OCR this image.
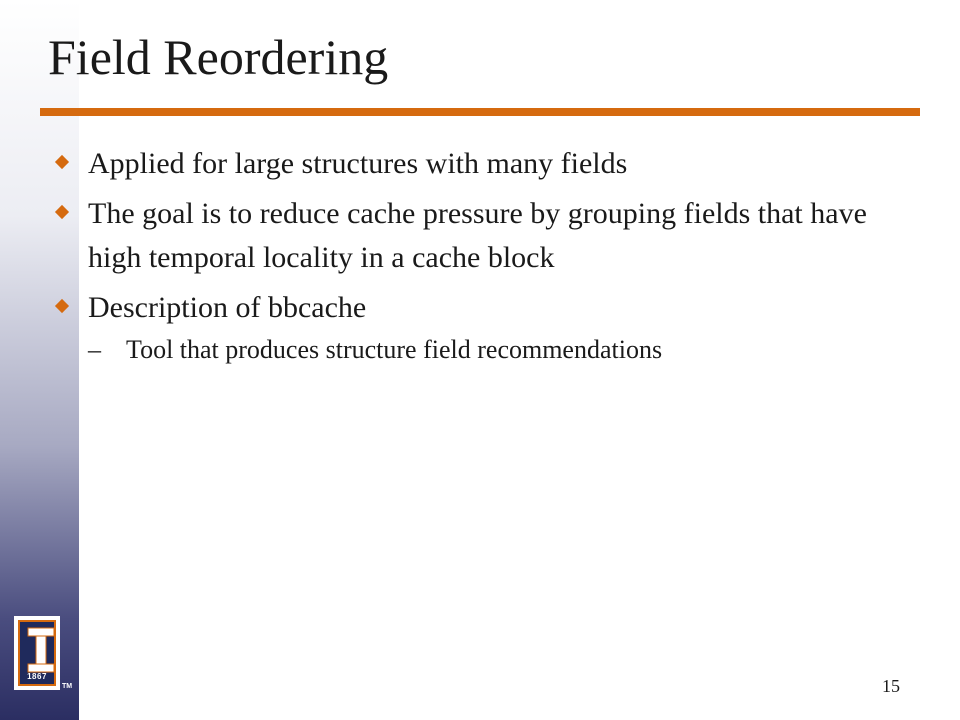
Field Reordering
Applied for large structures with many fields
The goal is to reduce cache pressure by grouping fields that have high temporal locality in a cache block
Description of bbcache
– Tool that produces structure field recommendations
1867
TM	15
